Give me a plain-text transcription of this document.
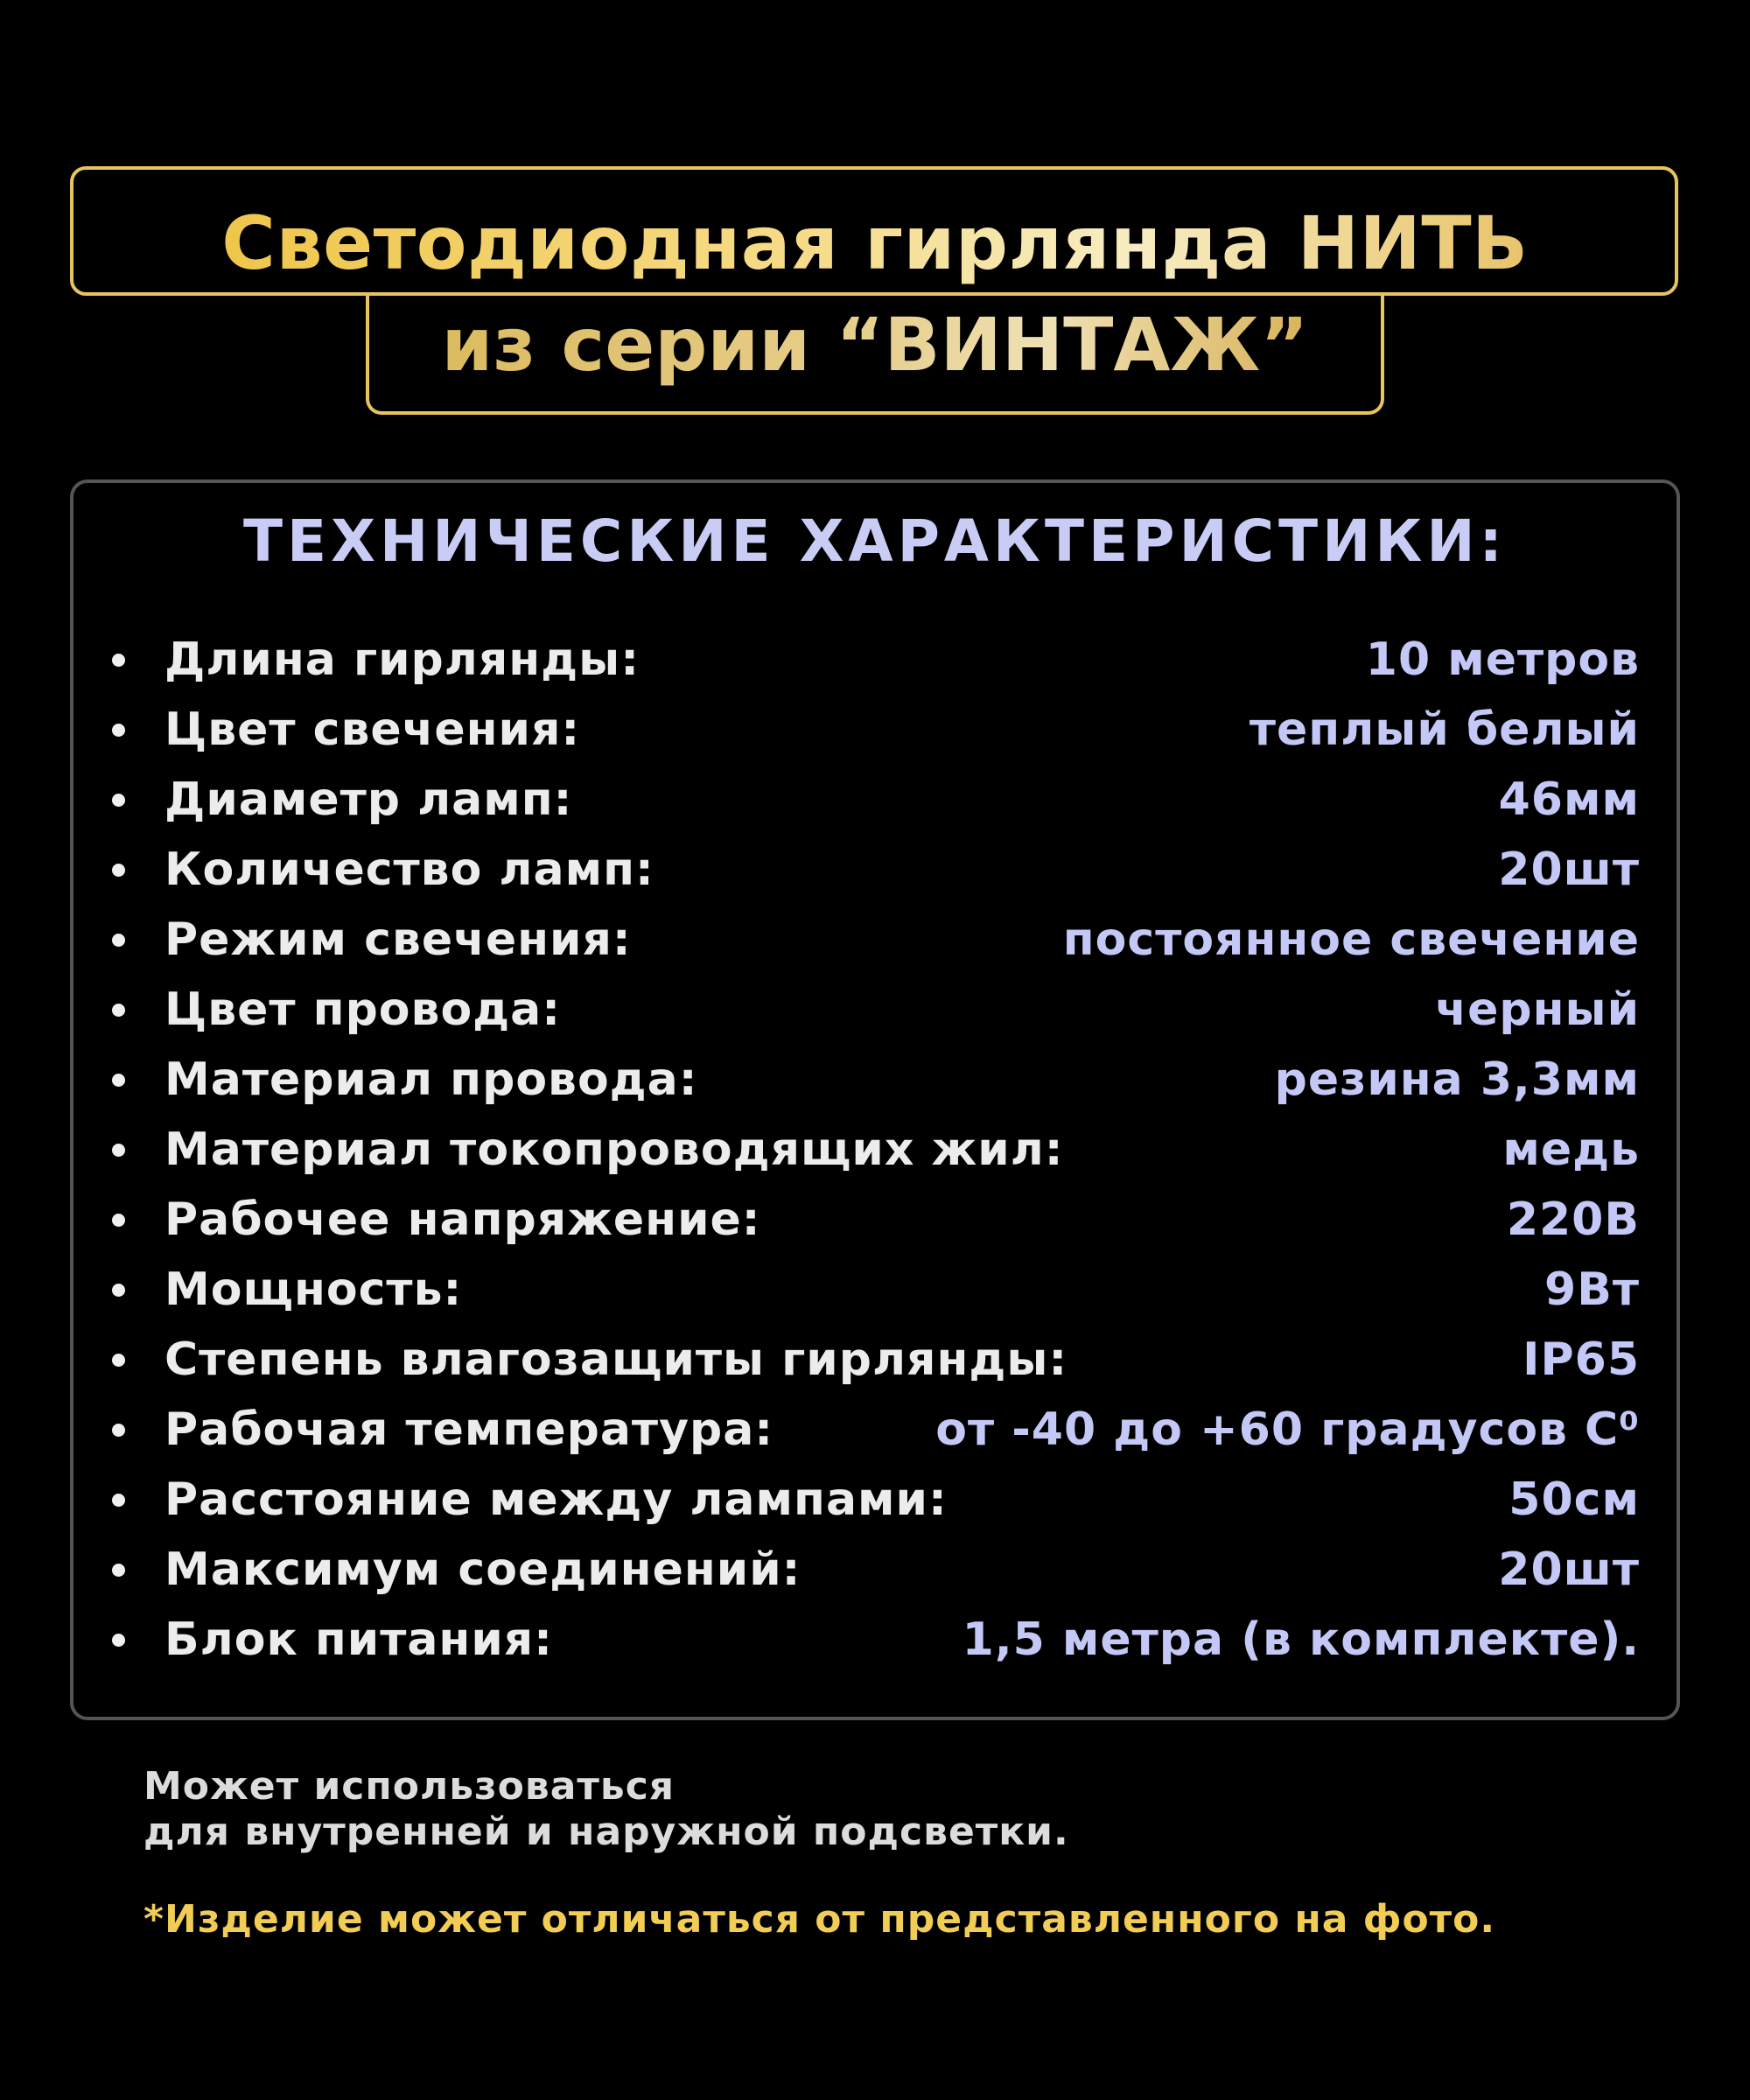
Светодиодная гирлянда НИТЬ
из серии “ВИНТАЖ”
ТЕХНИЧЕСКИЕ ХАРАКТЕРИСТИКИ:
Длина гирлянды:	10 метров
Цвет свечения:	теплый белый
Диаметр ламп:	46мм
Количество ламп:	20шт
Режим свечения:	постоянное свечение
Цвет провода:	черный
Материал провода:	резина 3,3мм
Материал токопроводящих жил:	медь
Рабочее напряжение:	220В
Мощность:	9Вт
Степень влагозащиты гирлянды:	IP65
Рабочая температура:	от -40 до +60 градусов С⁰
Расстояние между лампами:	50см
Максимум соединений:	20шт
Блок питания:	1,5 метра (в комплекте).

Может использоваться
для внутренней и наружной подсветки.

*Изделие может отличаться от представленного на фото.
